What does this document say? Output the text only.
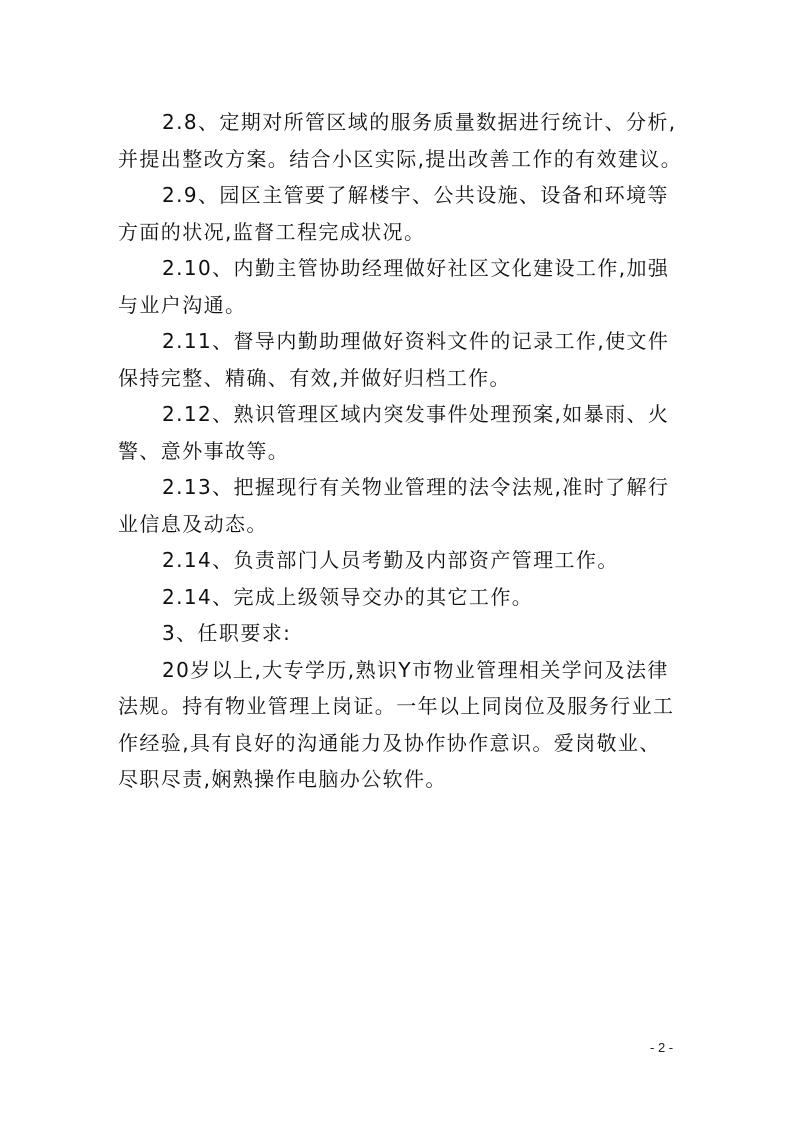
2.8、定期对所管区域的服务质量数据进行统计、分析,
并提出整改方案。结合小区实际,提出改善工作的有效建议。
2.9、园区主管要了解楼宇、公共设施、设备和环境等
方面的状况,监督工程完成状况。
2.10、内勤主管协助经理做好社区文化建设工作,加强
与业户沟通。
2.11、督导内勤助理做好资料文件的记录工作,使文件
保持完整、精确、有效,并做好归档工作。
2.12、熟识管理区域内突发事件处理预案,如暴雨、火
警、意外事故等。
2.13、把握现行有关物业管理的法令法规,准时了解行
业信息及动态。
2.14、负责部门人员考勤及内部资产管理工作。
2.14、完成上级领导交办的其它工作。
3、任职要求:
20岁以上,大专学历,熟识Y市物业管理相关学问及法律
法规。持有物业管理上岗证。一年以上同岗位及服务行业工
作经验,具有良好的沟通能力及协作协作意识。爱岗敬业、
尽职尽责,娴熟操作电脑办公软件。
- 2 -
